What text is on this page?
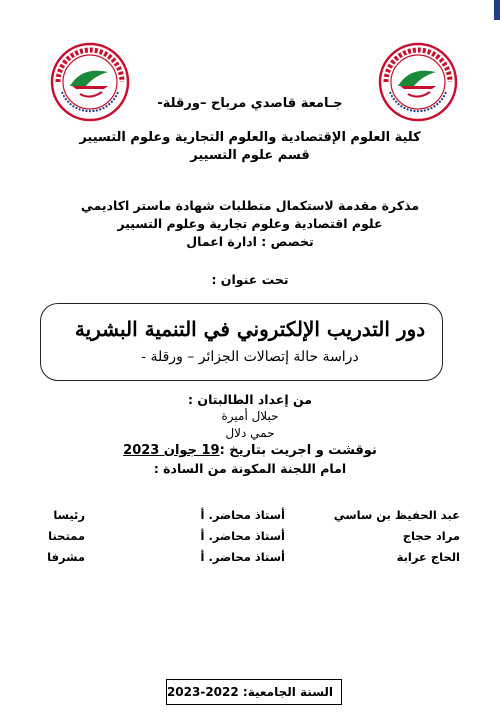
جـامعة قاصدي مرباح –ورقلة-
كلية العلوم الإقتصادية والعلوم التجارية وعلوم التسيير
قسم علوم التسيير
مذكرة مقدمة لاستكمال متطلبات شهادة ماستر اكاديمي
علوم اقتصادية وعلوم تجارية وعلوم التسيير
تخصص : ادارة اعمال
تحت عنوان :
دور التدريب الإلكتروني في التنمية البشرية
دراسة حالة إتصالات الجزائر – ورقلة -
من إعداد الطالبتان :
حبلال أميرة
حمي دلال
نوقشت و اجريت بتاريخ :19 جوان 2023
امام اللجنة المكونة من السادة :
عبد الحفيظ بن ساسي
أستاذ محاضر. أ
رئيسا
مراد حجاج
أستاذ محاضر. أ
ممتحنا
الحاج عرابة
أستاذ محاضر. أ
مشرفا
السنة الجامعية: 2022-2023
